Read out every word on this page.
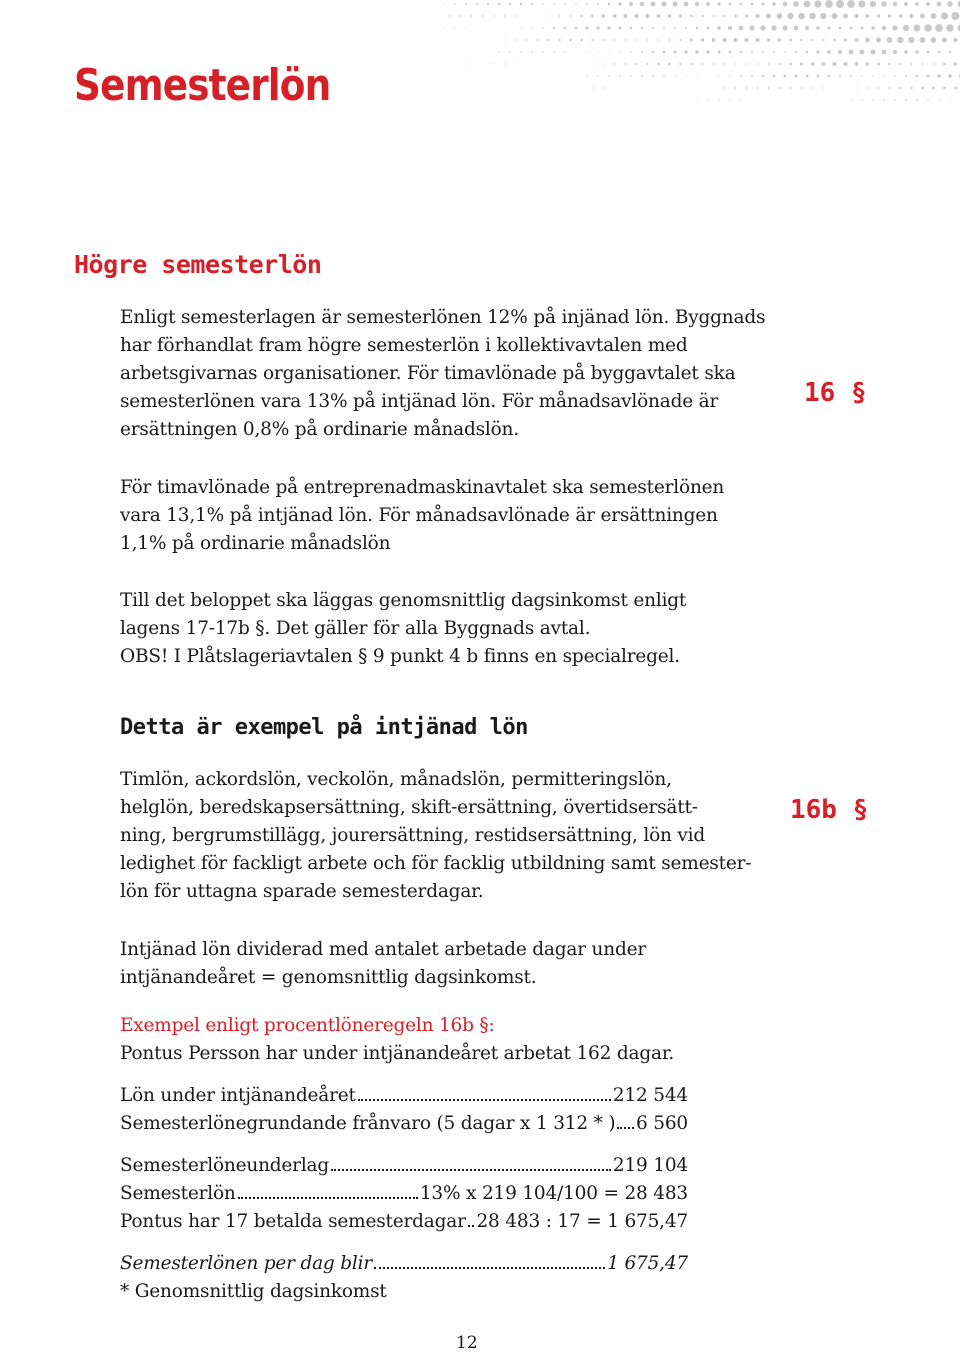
Semesterlön
Högre semesterlön

Enligt semesterlagen är semesterlönen 12% på injänad lön. Byggnads

har förhandlat fram högre semesterlön i kollektivavtalen med

arbetsgivarnas organisationer. För timavlönade på byggavtalet ska

semesterlönen vara 13% på intjänad lön. För månadsavlönade är

ersättningen 0,8% på ordinarie månadslön.

16 §

För timavlönade på entreprenadmaskinavtalet ska semesterlönen

vara 13,1% på intjänad lön. För månadsavlönade är ersättningen

1,1% på ordinarie månadslön

Till det beloppet ska läggas genomsnittlig dagsinkomst enligt

lagens 17-17b §. Det gäller för alla Byggnads avtal.

OBS! I Plåtslageriavtalen § 9 punkt 4 b finns en specialregel.

Detta är exempel på intjänad lön

Timlön, ackordslön, veckolön, månadslön, permitteringslön,

helglön, beredskapsersättning, skift-ersättning, övertidsersätt-

ning, bergrumstillägg, jourersättning, restidsersättning, lön vid

ledighet för fackligt arbete och för facklig utbildning samt semester-

lön för uttagna sparade semesterdagar.

16b §

Intjänad lön dividerad med antalet arbetade dagar under

intjänandeåret = genomsnittlig dagsinkomst.

Exempel enligt procentlöneregeln 16b §:

Pontus Persson har under intjänandeåret arbetat 162 dagar.

Lön under intjänandeåret	212 544
Semesterlönegrundande frånvaro (5 dagar x 1 312 * ) 6 560
Semesterlöneunderlag	219 104
Semesterlön	13% x 219 104/100 = 28 483
Pontus har 17 betalda semesterdagar 28 483 : 17 = 1 675,47
Semesterlönen per dag blir	1 675,47

* Genomsnittlig dagsinkomst

12
